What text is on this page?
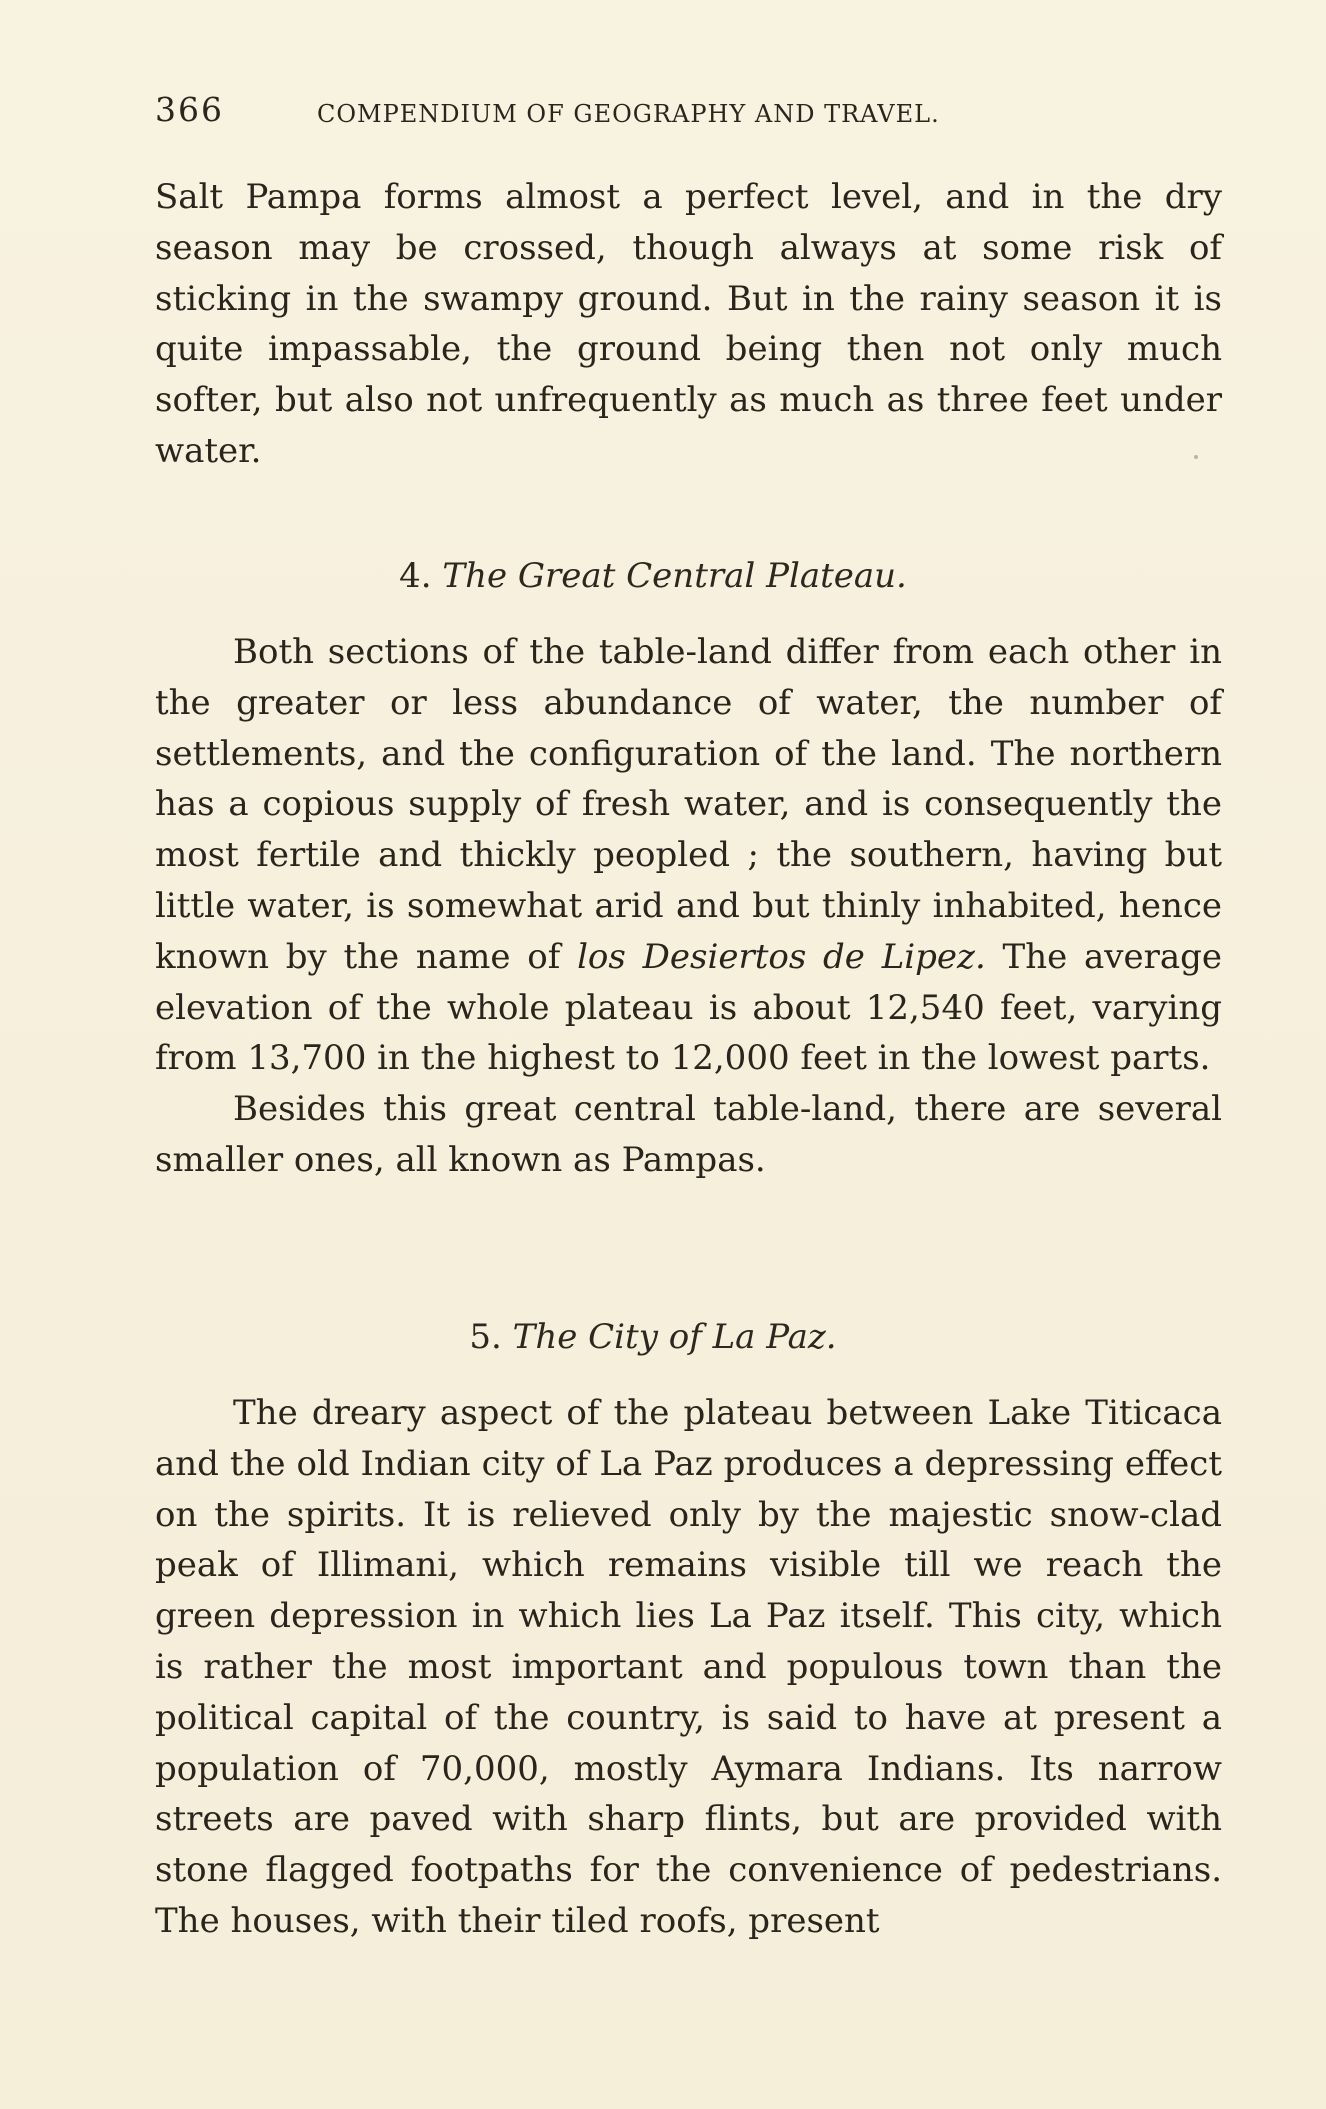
366	COMPENDIUM OF GEOGRAPHY AND TRAVEL.

Salt Pampa forms almost a perfect level, and in the dry season may be crossed, though always at some risk of sticking in the swampy ground. But in the rainy season it is quite impassable, the ground being then not only much softer, but also not unfrequently as much as three feet under water.

4. The Great Central Plateau.

Both sections of the table-land differ from each other in the greater or less abundance of water, the number of settlements, and the configuration of the land. The northern has a copious supply of fresh water, and is consequently the most fertile and thickly peopled ; the southern, having but little water, is somewhat arid and but thinly inhabited, hence known by the name of los Desiertos de Lipez. The average elevation of the whole plateau is about 12,540 feet, varying from 13,700 in the highest to 12,000 feet in the lowest parts.

Besides this great central table-land, there are several smaller ones, all known as Pampas.

5. The City of La Paz.

The dreary aspect of the plateau between Lake Titicaca and the old Indian city of La Paz produces a depressing effect on the spirits. It is relieved only by the majestic snow-clad peak of Illimani, which remains visible till we reach the green depression in which lies La Paz itself. This city, which is rather the most important and populous town than the political capital of the country, is said to have at present a population of 70,000, mostly Aymara Indians. Its narrow streets are paved with sharp flints, but are provided with stone flagged footpaths for the convenience of pedestrians. The houses, with their tiled roofs, present
